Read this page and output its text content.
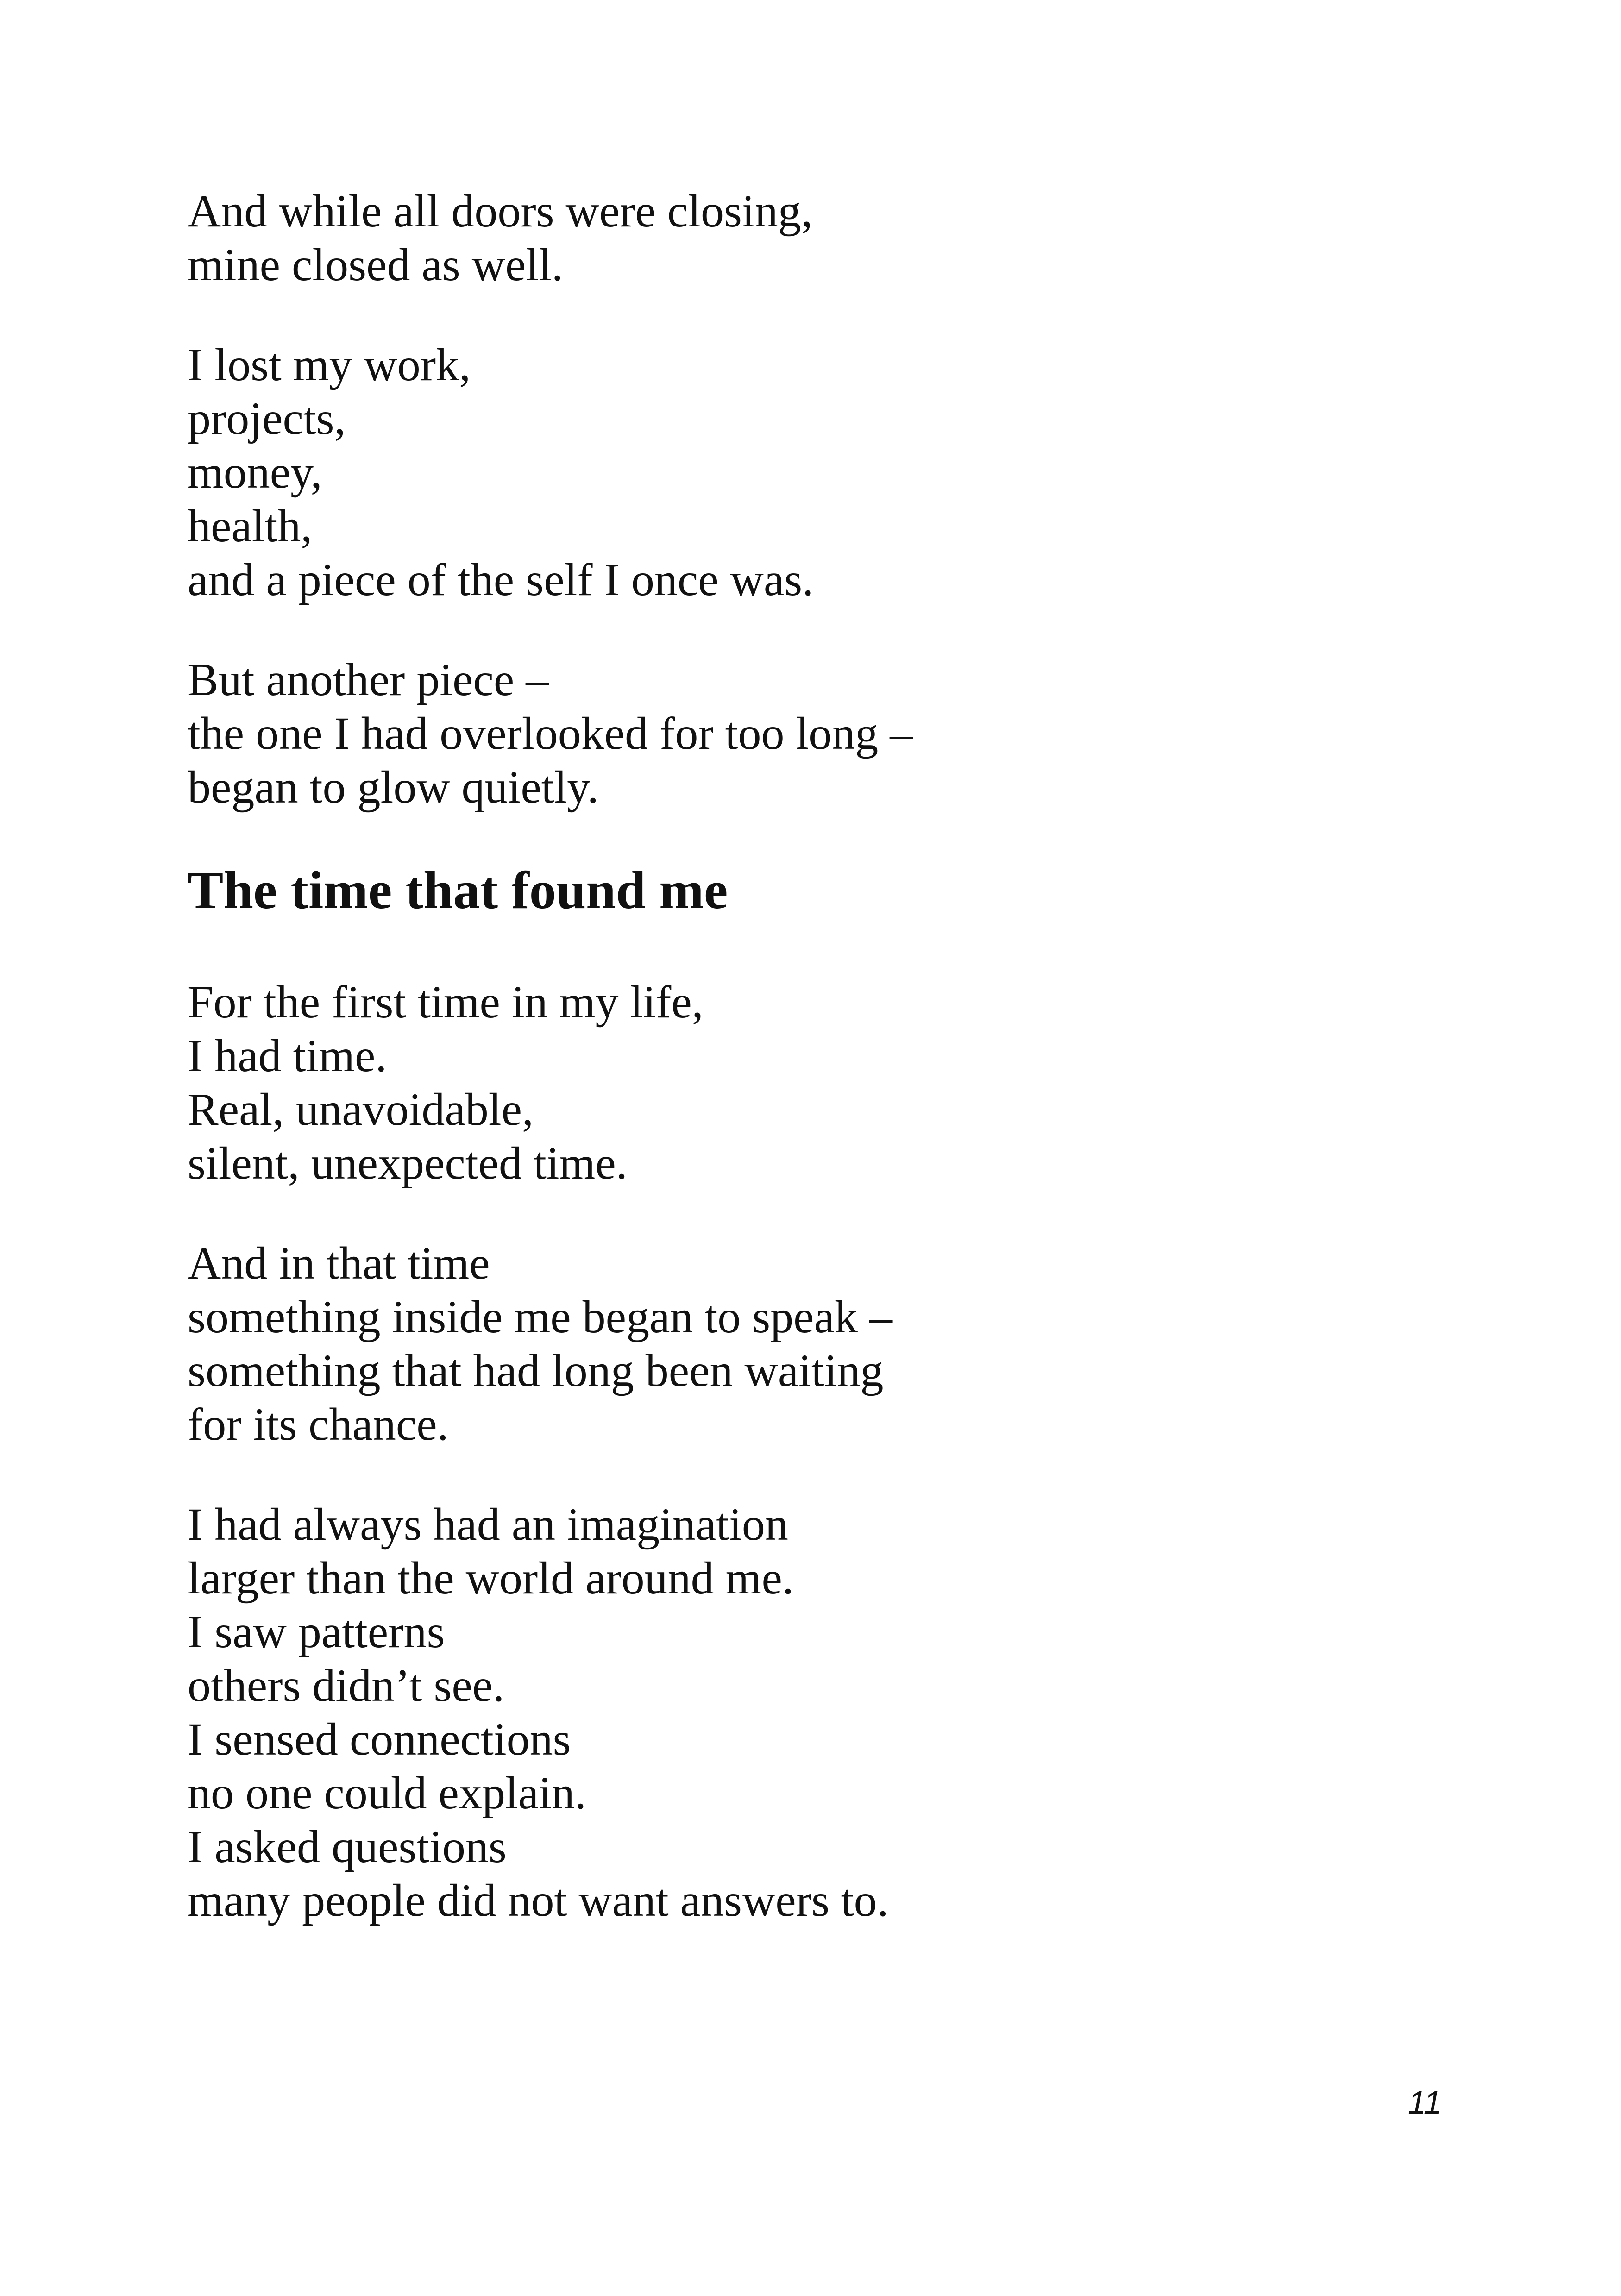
And while all doors were closing,
mine closed as well.
I lost my work,
projects,
money,
health,
and a piece of the self I once was.
But another piece –
the one I had overlooked for too long –
began to glow quietly.
The time that found me
For the first time in my life,
I had time.
Real, unavoidable,
silent, unexpected time.
And in that time
something inside me began to speak –
something that had long been waiting
for its chance.
I had always had an imagination
larger than the world around me.
I saw patterns
others didn’t see.
I sensed connections
no one could explain.
I asked questions
many people did not want answers to.
11
